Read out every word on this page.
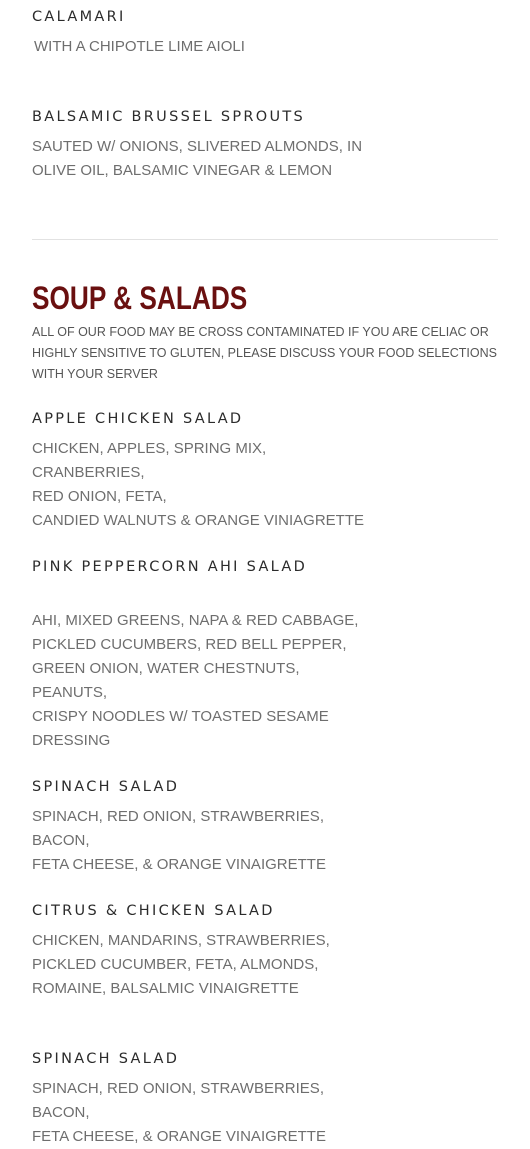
CALAMARI

WITH A CHIPOTLE LIME AIOLI

BALSAMIC BRUSSEL SPROUTS

SAUTED W/ ONIONS, SLIVERED ALMONDS, IN OLIVE OIL, BALSAMIC VINEGAR & LEMON

SOUP & SALADS

ALL OF OUR FOOD MAY BE CROSS CONTAMINATED IF YOU ARE CELIAC OR HIGHLY SENSITIVE TO GLUTEN, PLEASE DISCUSS YOUR FOOD SELECTIONS WITH YOUR SERVER

APPLE CHICKEN SALAD

CHICKEN, APPLES, SPRING MIX, CRANBERRIES,
RED ONION, FETA,
CANDIED WALNUTS & ORANGE VINIAGRETTE

PINK PEPPERCORN AHI SALAD

AHI, MIXED GREENS, NAPA & RED CABBAGE,
PICKLED CUCUMBERS, RED BELL PEPPER,
GREEN ONION, WATER CHESTNUTS, PEANUTS,
CRISPY NOODLES W/ TOASTED SESAME
DRESSING

SPINACH SALAD

SPINACH, RED ONION, STRAWBERRIES, BACON,
FETA CHEESE, & ORANGE VINAIGRETTE

CITRUS & CHICKEN SALAD

CHICKEN, MANDARINS, STRAWBERRIES,
PICKLED CUCUMBER, FETA, ALMONDS,
ROMAINE, BALSALMIC VINAIGRETTE

SPINACH SALAD

SPINACH, RED ONION, STRAWBERRIES, BACON,
FETA CHEESE, & ORANGE VINAIGRETTE
